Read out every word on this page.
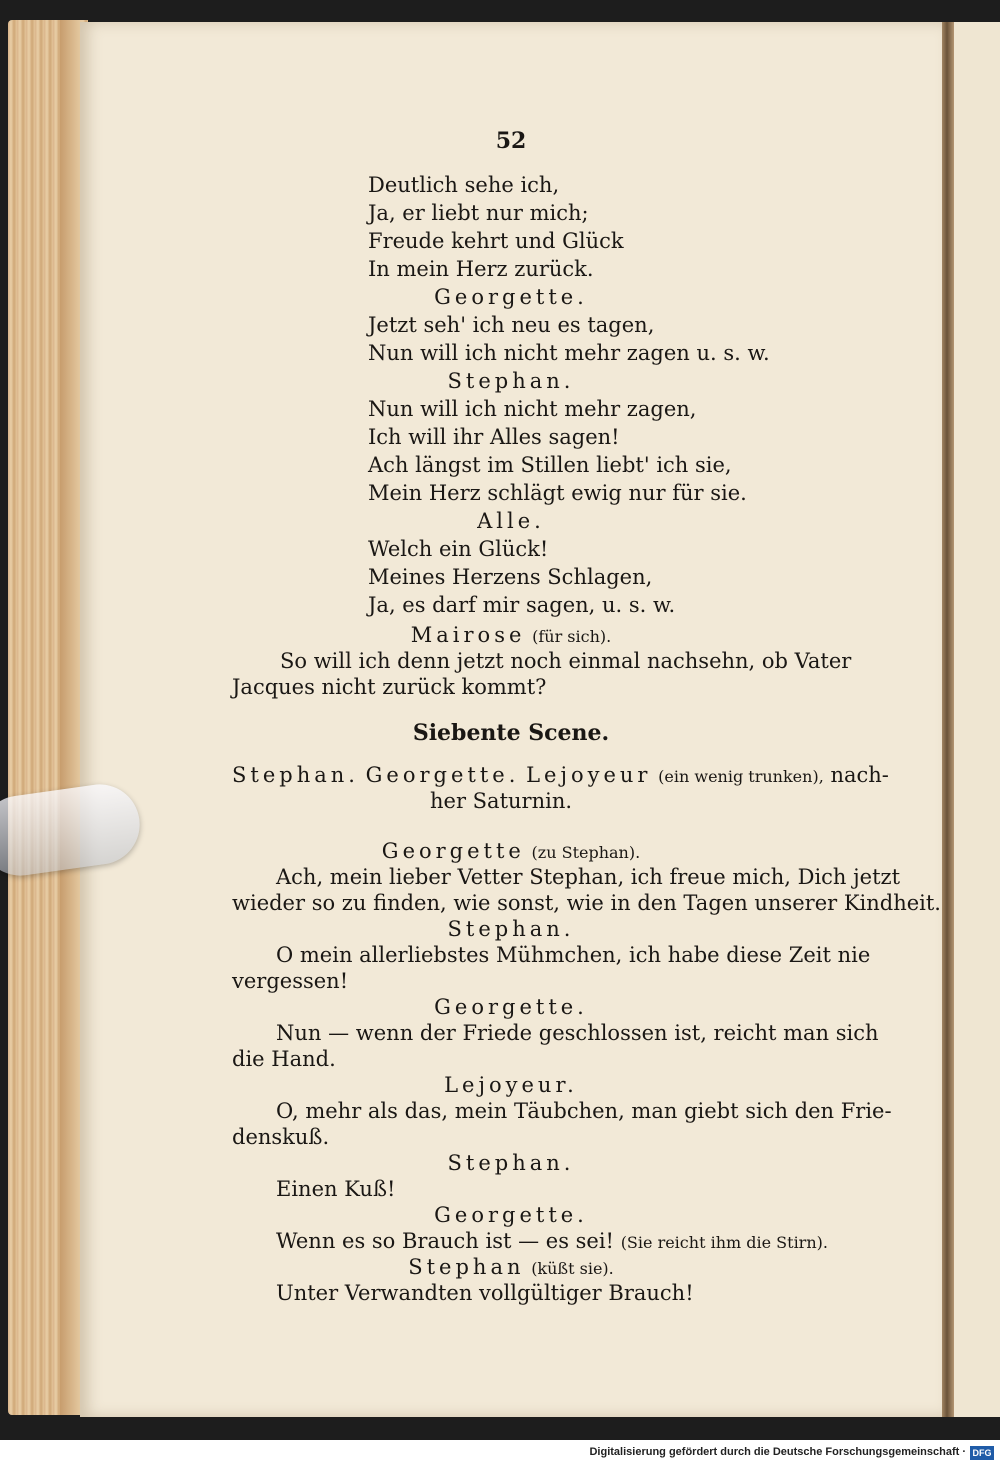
52
Deutlich sehe ich,
Ja, er liebt nur mich;
Freude kehrt und Glück
In mein Herz zurück.
Georgette.
Jetzt seh' ich neu es tagen,
Nun will ich nicht mehr zagen u. s. w.
Stephan.
Nun will ich nicht mehr zagen,
Ich will ihr Alles sagen!
Ach längst im Stillen liebt' ich sie,
Mein Herz schlägt ewig nur für sie.
Alle.
Welch ein Glück!
Meines Herzens Schlagen,
Ja, es darf mir sagen, u. s. w.
Mairose (für sich).
So will ich denn jetzt noch einmal nachsehn, ob Vater
Jacques nicht zurück kommt?
Siebente Scene.
Stephan. Georgette. Lejoyeur (ein wenig trunken), nach-
her Saturnin.
Georgette (zu Stephan).
Ach, mein lieber Vetter Stephan, ich freue mich, Dich jetzt
wieder so zu finden, wie sonst, wie in den Tagen unserer Kindheit.
Stephan.
O mein allerliebstes Mühmchen, ich habe diese Zeit nie
vergessen!
Georgette.
Nun — wenn der Friede geschlossen ist, reicht man sich
die Hand.
Lejoyeur.
O, mehr als das, mein Täubchen, man giebt sich den Frie-
denskuß.
Stephan.
Einen Kuß!
Georgette.
Wenn es so Brauch ist — es sei! (Sie reicht ihm die Stirn).
Stephan (küßt sie).
Unter Verwandten vollgültiger Brauch!
Digitalisierung gefördert durch die Deutsche Forschungsgemeinschaft · DFG
